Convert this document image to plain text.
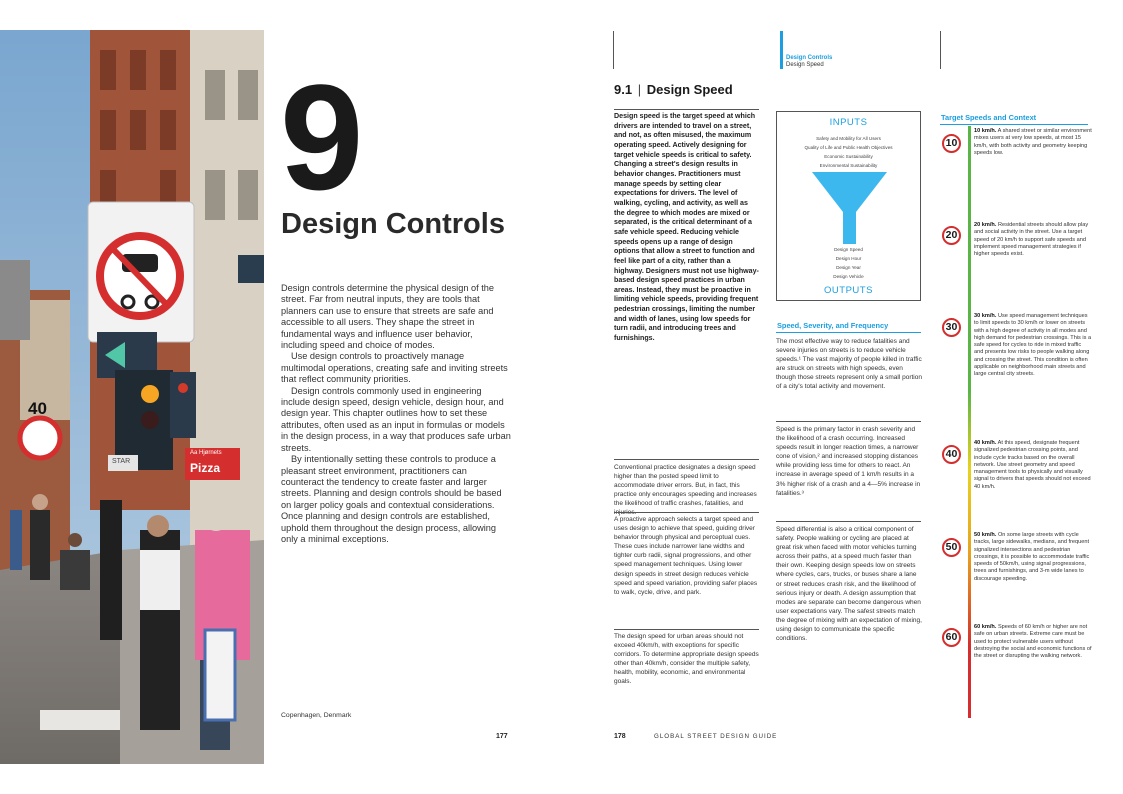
40
Pizza
Aa Hjørnets
STAR
9
Design Controls

Design controls determine the physical design of the street. Far from neutral inputs, they are tools that planners can use to ensure that streets are safe and accessible to all users. They shape the street in fundamental ways and influence user behavior, including speed and choice of modes.

Use design controls to proactively manage multimodal operations, creating safe and inviting streets that reflect community priorities.

Design controls commonly used in engineering include design speed, design vehicle, design hour, and design year. This chapter outlines how to set these attributes, often used as an input in formulas or models in the design process, in a way that produces safe urban streets.

By intentionally setting these controls to produce a pleasant street environment, practitioners can counteract the tendency to create faster and larger streets. Planning and design controls should be based on larger policy goals and contextual considerations. Once planning and design controls are established, uphold them throughout the design process, allowing only a minimal exceptions.

Copenhagen, Denmark
177
Design Controls
Design Speed
9.1 | Design Speed
Design speed is the target speed at which drivers are intended to travel on a street, and not, as often misused, the maximum operating speed. Actively designing for target vehicle speeds is critical to safety. Changing a street's design results in behavior changes. Practitioners must manage speeds by setting clear expectations for drivers. The level of walking, cycling, and activity, as well as the degree to which modes are mixed or separated, is the critical determinant of a safe vehicle speed. Reducing vehicle speeds opens up a range of design options that allow a street to function and feel like part of a city, rather than a highway. Designers must not use highway-based design speed practices in urban areas. Instead, they must be proactive in limiting vehicle speeds, providing frequent pedestrian crossings, limiting the number and width of lanes, using low speeds for turn radii, and introducing trees and furnishings.
Conventional practice designates a design speed higher than the posted speed limit to accommodate driver errors. But, in fact, this practice only encourages speeding and increases the likelihood of traffic crashes, fatalities, and
A proactive approach selects a target speed and uses design to achieve that speed, guiding driver behavior through physical and perceptual cues. These cues include narrower lane widths and tighter curb radii, signal progressions, and other speed management techniques. Using lower design speeds in street design reduces vehicle speed and speed variation, providing safer places to walk, cycle, drive, and park.
The design speed for urban areas should not exceed 40km/h, with exceptions for specific corridors. To determine appropriate design speeds other than 40km/h, consider the multiple safety, health, mobility, economic, and environmental goals.
INPUTS
Safety and Mobility for All Users
Quality of Life and Public Health Objectives
Economic Sustainability
Environmental Sustainability
Design Speed
Design Hour
Design Year
Design Vehicle
OUTPUTS
Speed, Severity, and Frequency
The most effective way to reduce fatalities and severe injuries on streets is to reduce vehicle speeds.¹ The vast majority of people killed in traffic are struck on streets with high speeds, even though those streets represent only a small portion of a city's total activity and movement.
Speed is the primary factor in crash severity and the likelihood of a crash occurring. Increased speeds result in longer reaction times, a narrower cone of vision,² and increased stopping distances while providing less time for others to react. An increase in average speed of 1 km/h results in a 3% higher risk of a crash and a 4—5% increase in fatalities.³
Speed differential is also a critical component of safety. People walking or cycling are placed at great risk when faced with motor vehicles turning across their paths, at a speed much faster than their own. Keeping design speeds low on streets where cycles, cars, trucks, or buses share a lane or street reduces crash risk, and the likelihood of serious injury or death. A design assumption that modes are separate can become dangerous when user expectations vary. The safest streets match the degree of mixing with an expectation of mixing, using design to communicate the specific conditions.
Target Speeds and Context
10
10 km/h. A shared street or similar environment mixes users at very low speeds, at most 15 km/h, with both activity and geometry keeping speeds low.
20
20 km/h. Residential streets should allow play and social activity in the street. Use a target speed of 20 km/h to support safe speeds and implement speed management strategies if higher speeds exist.
30
30 km/h. Use speed management techniques to limit speeds to 30 km/h or lower on streets with a high degree of activity in all modes and high demand for pedestrian crossings. This is a safe speed for cycles to ride in mixed traffic and presents low risks to people walking along and crossing the street. This condition is often applicable on neighborhood main streets and large central city streets.
40
40 km/h. At this speed, designate frequent signalized pedestrian crossing points, and include cycle tracks based on the overall network. Use street geometry and speed management tools to physically and visually signal to drivers that speeds should not exceed 40 km/h.
50
50 km/h. On some large streets with cycle tracks, large sidewalks, medians, and frequent signalized intersections and pedestrian crossings, it is possible to accommodate traffic speeds of 50km/h, using signal progressions, trees and furnishings, and 3-m wide lanes to discourage speeding.
60
60 km/h. Speeds of 60 km/h or higher are not safe on urban streets. Extreme care must be used to protect vulnerable users without destroying the social and economic functions of the street or disrupting the walking network.
178	GLOBAL STREET DESIGN GUIDE
